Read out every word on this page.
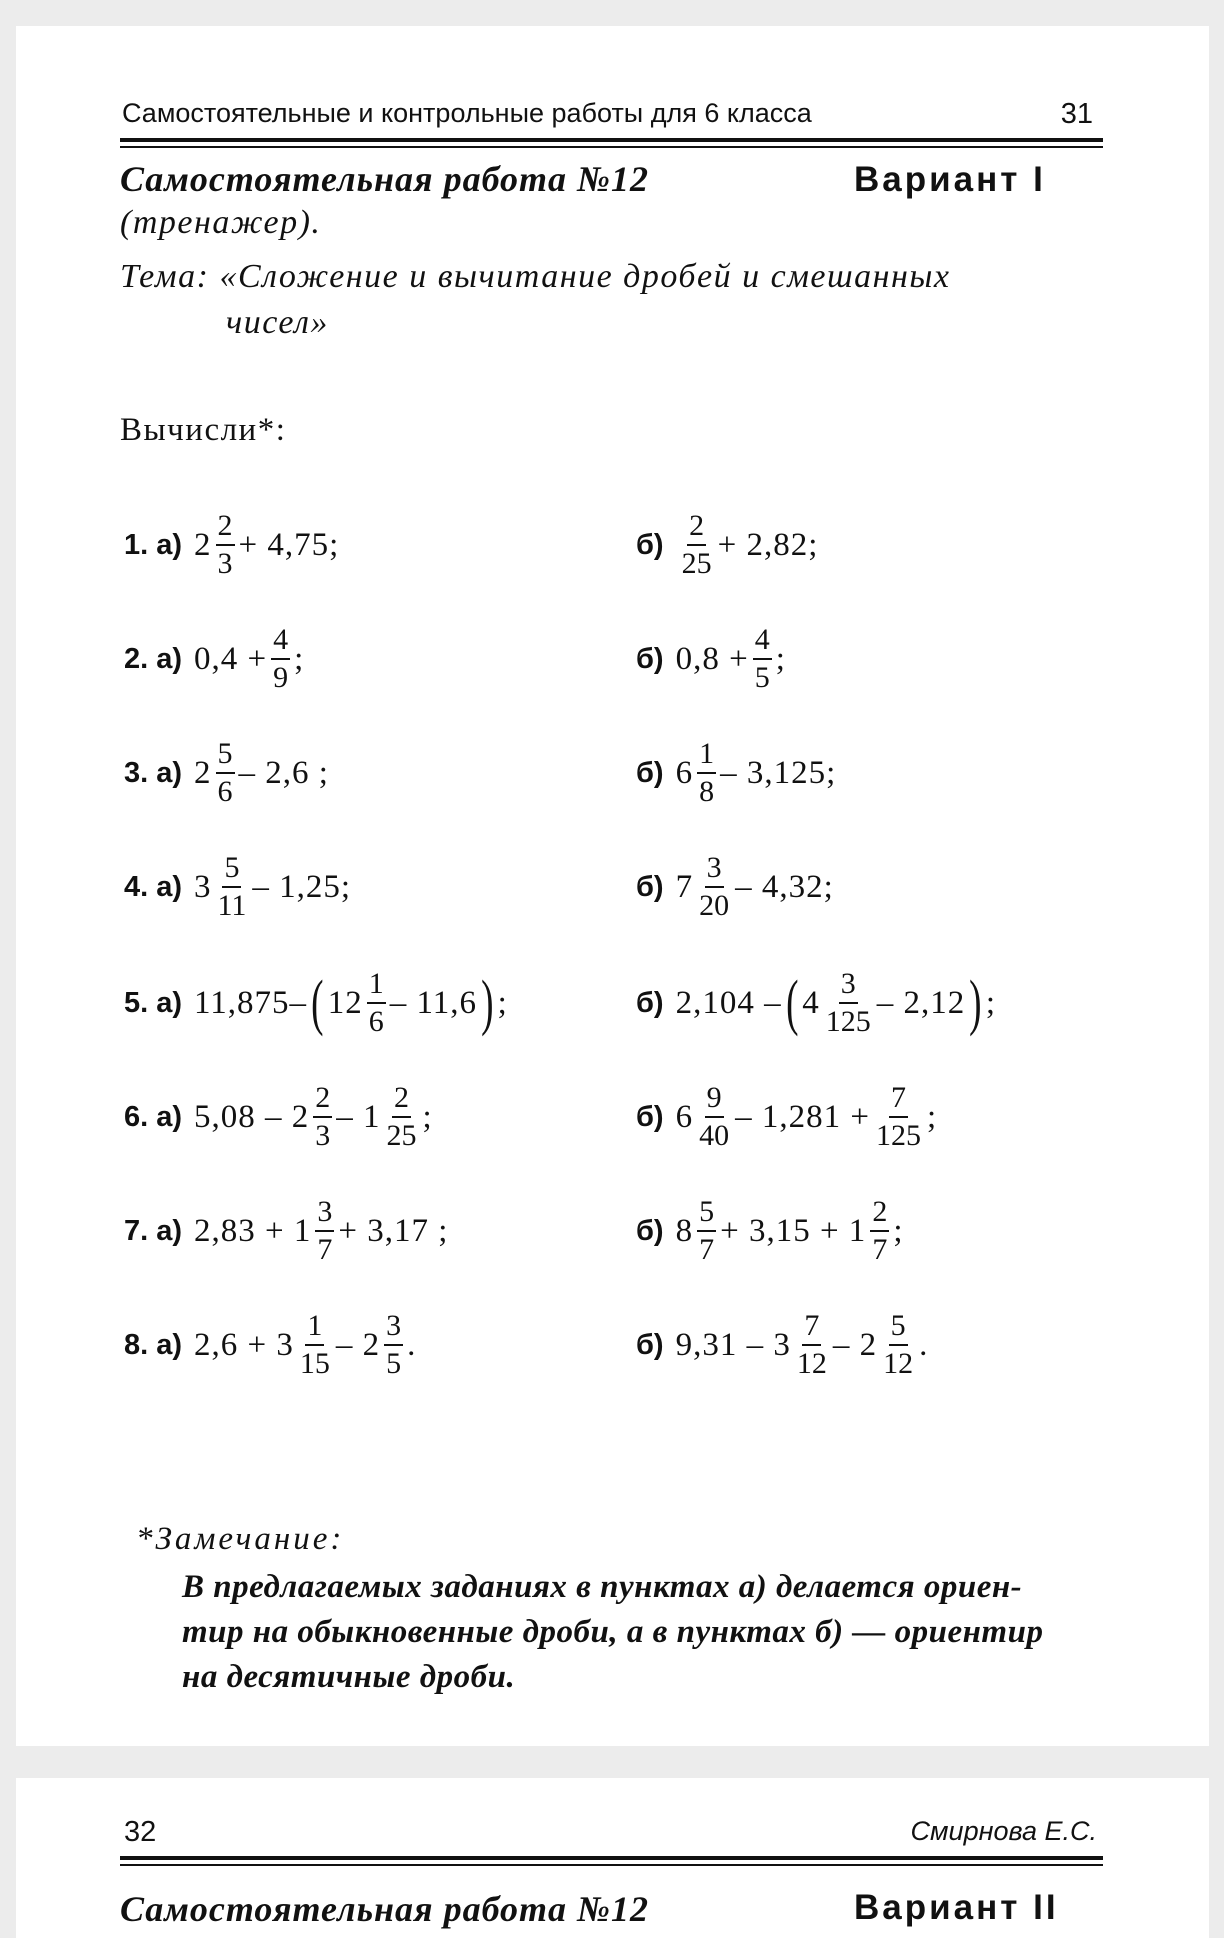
Самостоятельные и контрольные работы для 6 класса	31
Самостоятельная работа №12	Вариант I
(тренажер).
Тема: «Сложение и вычитание дробей и смешанных
чисел»
Вычисли*:
1. а) $2 \frac{2}{3} + 4,75$;	$б) \frac{2}{25} + 2,82$;
2. а) $0,4 + \frac{4}{9}$ ;	б) $0,8 + \frac{4}{5}$ ;
3. а) $2 \frac{5}{6} - 2,6$ ;	б) $6 \frac{1}{8} - 3,125$;
4. а) $3 \frac{5}{11} - 1,25$;	б) $7 \frac{3}{20} - 4,32$;
5. а) 11,875– ( $12 \frac{1}{6} - 11,6$ ) ;	б) 2,104 – ( $4 \frac{3}{125} - 2,12$ ) ;
6. а) $5,08 - 2 \frac{2}{3} - 1 \frac{2}{25}$ ;	б) $6 \frac{9}{40} - 1,281 + \frac{7}{125}$ ;
7. а) $2,83 + 1 \frac{3}{7} + 3,17$ ;	б) $8 \frac{5}{7} + 3,15 + 1 \frac{2}{7}$ ;
8. а) $2,6 + 3 \frac{1}{15} - 2 \frac{3}{5}$ .	б) $9,31 - 3 \frac{7}{12} - 2 \frac{5}{12}$ .
*Замечание:
В предлагаемых заданиях в пунктах а) делается ориен-
тир на обыкновенные дроби, а в пунктах б) — ориентир
на десятичные дроби.
32	Смирнова Е.С.
Самостоятельная работа №12	Вариант II
